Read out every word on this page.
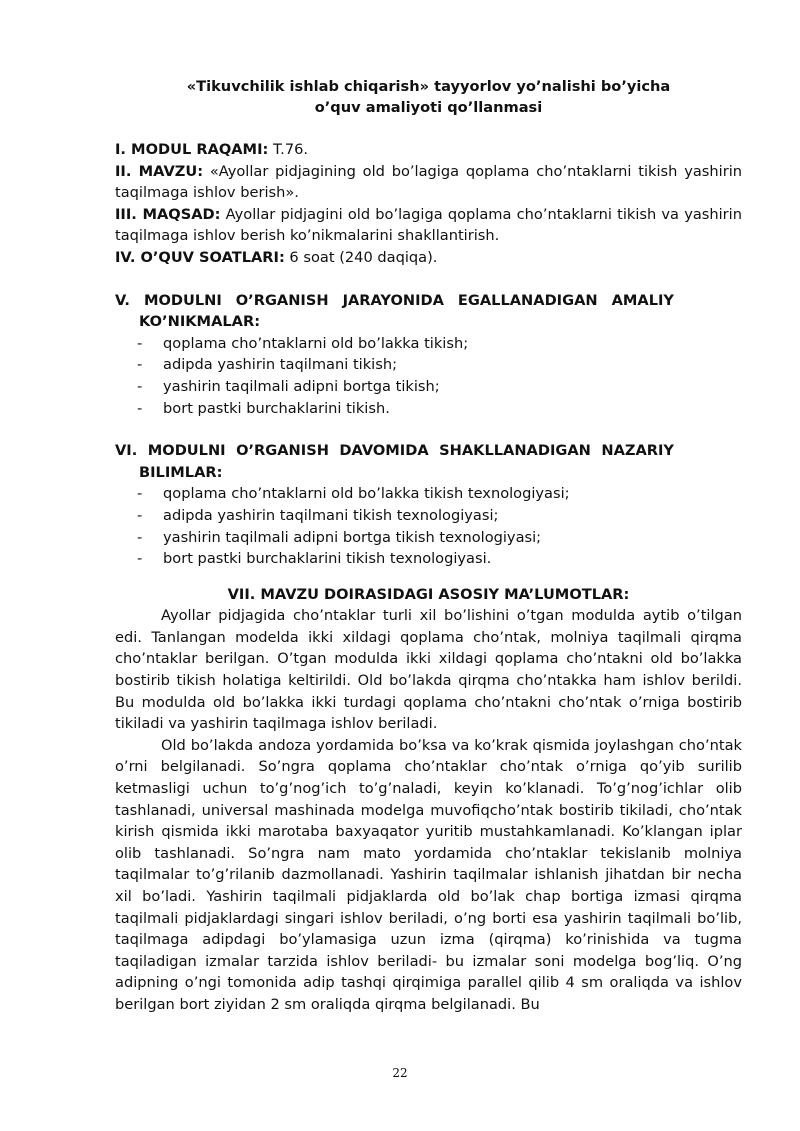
«Tikuvchilik ishlab chiqarish» tayyorlov yo’nalishi bo’yicha
o’quv amaliyoti qo’llanmasi

I. MODUL RAQAMI: T.76.

II. MAVZU: «Ayollar pidjagining old bo’lagiga qoplama cho’ntaklarni tikish yashirin taqilmaga ishlov berish».

III. MAQSAD: Ayollar pidjagini old bo’lagiga qoplama cho’ntaklarni tikish va yashirin taqilmaga ishlov berish ko’nikmalarini shakllantirish.

IV. O’QUV SOATLARI: 6 soat (240 daqiqa).

V. MODULNI O’RGANISH JARAYONIDA EGALLANADIGAN AMALIY
KO’NIKMALAR:
- qoplama cho’ntaklarni old bo’lakka tikish;
- adipda yashirin taqilmani tikish;
- yashirin taqilmali adipni bortga tikish;
- bort pastki burchaklarini tikish.
VI. MODULNI O’RGANISH DAVOMIDA SHAKLLANADIGAN NAZARIY
BILIMLAR:
- qoplama cho’ntaklarni old bo’lakka tikish texnologiyasi;
- adipda yashirin taqilmani tikish texnologiyasi;
- yashirin taqilmali adipni bortga tikish texnologiyasi;
- bort pastki burchaklarini tikish texnologiyasi.
VII. MAVZU DOIRASIDAGI ASOSIY MA’LUMOTLAR:

Ayollar pidjagida cho’ntaklar turli xil bo’lishini o’tgan modulda aytib o’tilgan edi. Tanlangan modelda ikki xildagi qoplama cho’ntak, molniya taqilmali qirqma cho’ntaklar berilgan. O’tgan modulda ikki xildagi qoplama cho’ntakni old bo’lakka bostirib tikish holatiga keltirildi. Old bo’lakda qirqma cho’ntakka ham ishlov berildi. Bu modulda old bo’lakka ikki turdagi qoplama cho’ntakni cho’ntak o’rniga bostirib tikiladi va yashirin taqilmaga ishlov beriladi.

Old bo’lakda andoza yordamida bo’ksa va ko’krak qismida joylashgan cho’ntak o’rni belgilanadi. So’ngra qoplama cho’ntaklar cho’ntak o’rniga qo’yib surilib ketmasligi uchun to’g’nog’ich to’g’naladi, keyin ko’klanadi. To’g’nog’ichlar olib tashlanadi, universal mashinada modelga muvofiqcho’ntak bostirib tikiladi, cho’ntak kirish qismida ikki marotaba baxyaqator yuritib mustahkamlanadi. Ko’klangan iplar olib tashlanadi. So’ngra nam mato yordamida cho’ntaklar tekislanib molniya taqilmalar to’g’rilanib dazmollanadi. Yashirin taqilmalar ishlanish jihatdan bir necha xil bo’ladi. Yashirin taqilmali pidjaklarda old bo’lak chap bortiga izmasi qirqma taqilmali pidjaklardagi singari ishlov beriladi, o’ng borti esa yashirin taqilmali bo’lib, taqilmaga adipdagi bo’ylamasiga uzun izma (qirqma) ko’rinishida va tugma taqiladigan izmalar tarzida ishlov beriladi- bu izmalar soni modelga bog’liq. O’ng adipning o’ngi tomonida adip tashqi qirqimiga parallel qilib 4 sm oraliqda va ishlov berilgan bort ziyidan 2 sm oraliqda qirqma belgilanadi. Bu

22
